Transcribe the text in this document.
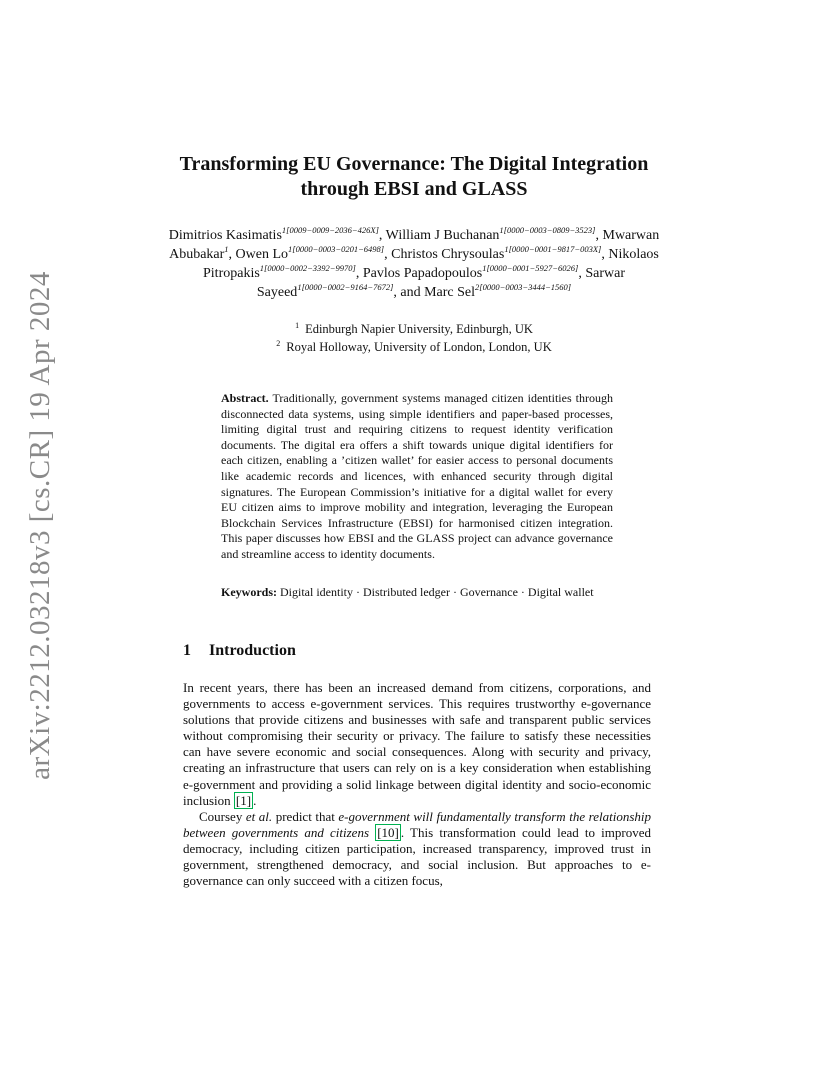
arXiv:2212.03218v3 [cs.CR] 19 Apr 2024
Transforming EU Governance: The Digital Integration through EBSI and GLASS
Dimitrios Kasimatis$^{1[0009-0009-2036-426X]}$, William J Buchanan$^{1[0000-0003-0809-3523]}$, Mwarwan Abubakar$^1$, Owen $Lo^{1[0000-0003-0201-6498]}$, Christos Chrysoulas$^{1[0000-0001-9817-003X]}$, Nikolaos Pitropakis$^{1[0000-0002-3392-9970]}$, Pavlos Papadopoulos$^{1[0000-0001-5927-6026]}$, Sarwar Sayeed$^{1[0000-0002-9164-7672]}$, and Marc Sel$^{2[0000-0003-3444-1560]}$
$^1$ Edinburgh Napier University, Edinburgh, UK
$^2$ Royal Holloway, University of London, London, UK
Abstract. Traditionally, government systems managed citizen identities through disconnected data systems, using simple identifiers and paper-based processes, limiting digital trust and requiring citizens to request identity verification documents. The digital era offers a shift towards unique digital identifiers for each citizen, enabling a ’citizen wallet’ for easier access to personal documents like academic records and licences, with enhanced security through digital signatures. The European Commission’s initiative for a digital wallet for every EU citizen aims to improve mobility and integration, leveraging the European Blockchain Services Infrastructure (EBSI) for harmonised citizen integration. This paper discusses how EBSI and the GLASS project can advance governance and streamline access to identity documents.
Keywords: Digital identity · Distributed ledger · Governance · Digital wallet
1 Introduction

In recent years, there has been an increased demand from citizens, corporations, and governments to access e-government services. This requires trustworthy e-governance solutions that provide citizens and businesses with safe and transparent public services without compromising their security or privacy. The failure to satisfy these necessities can have severe economic and social consequences. Along with security and privacy, creating an infrastructure that users can rely on is a key consideration when establishing e-government and providing a solid linkage between digital identity and socio-economic inclusion [1] .

Coursey et al. predict that e-government will fundamentally transform the relationship between governments and citizens [10] . This transformation could lead to improved democracy, including citizen participation, increased transparency, improved trust in government, strengthened democracy, and social inclusion. But approaches to e-governance can only succeed with a citizen focus,
